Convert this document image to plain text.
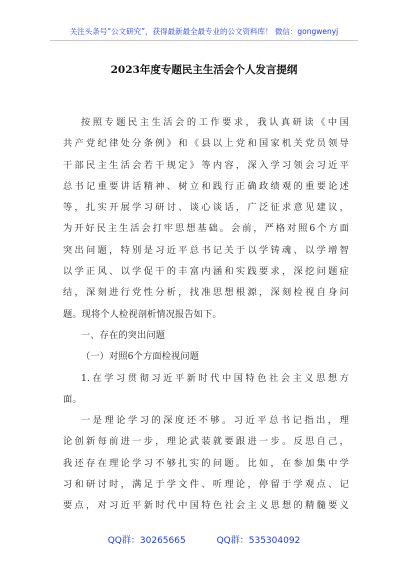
关注头条号“公文研究”，获得最新最全最专业的公文资料库！ 微信：gongwenyj
2023年度专题民主生活会个人发言提纲
按照专题民主生活会的工作要求，我认真研读《中国
共产党纪律处分条例》和《县以上党和国家机关党员领导
干部民主生活会若干规定》等内容，深入学习领会习近平
总书记重要讲话精神、树立和践行正确政绩观的重要论述
等，扎实开展学习研讨、谈心谈话，广泛征求意见建议，
为开好民主生活会打牢思想基础。会前，严格对照6个方面
突出问题，特别是习近平总书记关于以学铸魂、以学增智
以学正风、以学促干的丰富内涵和实践要求，深挖问题症
结，深刻进行党性分析，找准思想根源，深刻检视自身问
题。现将个人检视剖析情况报告如下。
一、存在的突出问题
（一）对照6个方面检视问题
1.在学习贯彻习近平新时代中国特色社会主义思想方
面。
一是理论学习的深度还不够。习近平总书记指出，理
论创新每前进一步，理论武装就要跟进一步。反思自己，
我还存在理论学习不够扎实的问题。比如，在参加集中学
习和研讨时，满足于学文件、听理论，停留于学观点、记
要点，对习近平新时代中国特色社会主义思想的精髓要义
QQ群：30265665	QQ群：535304092
